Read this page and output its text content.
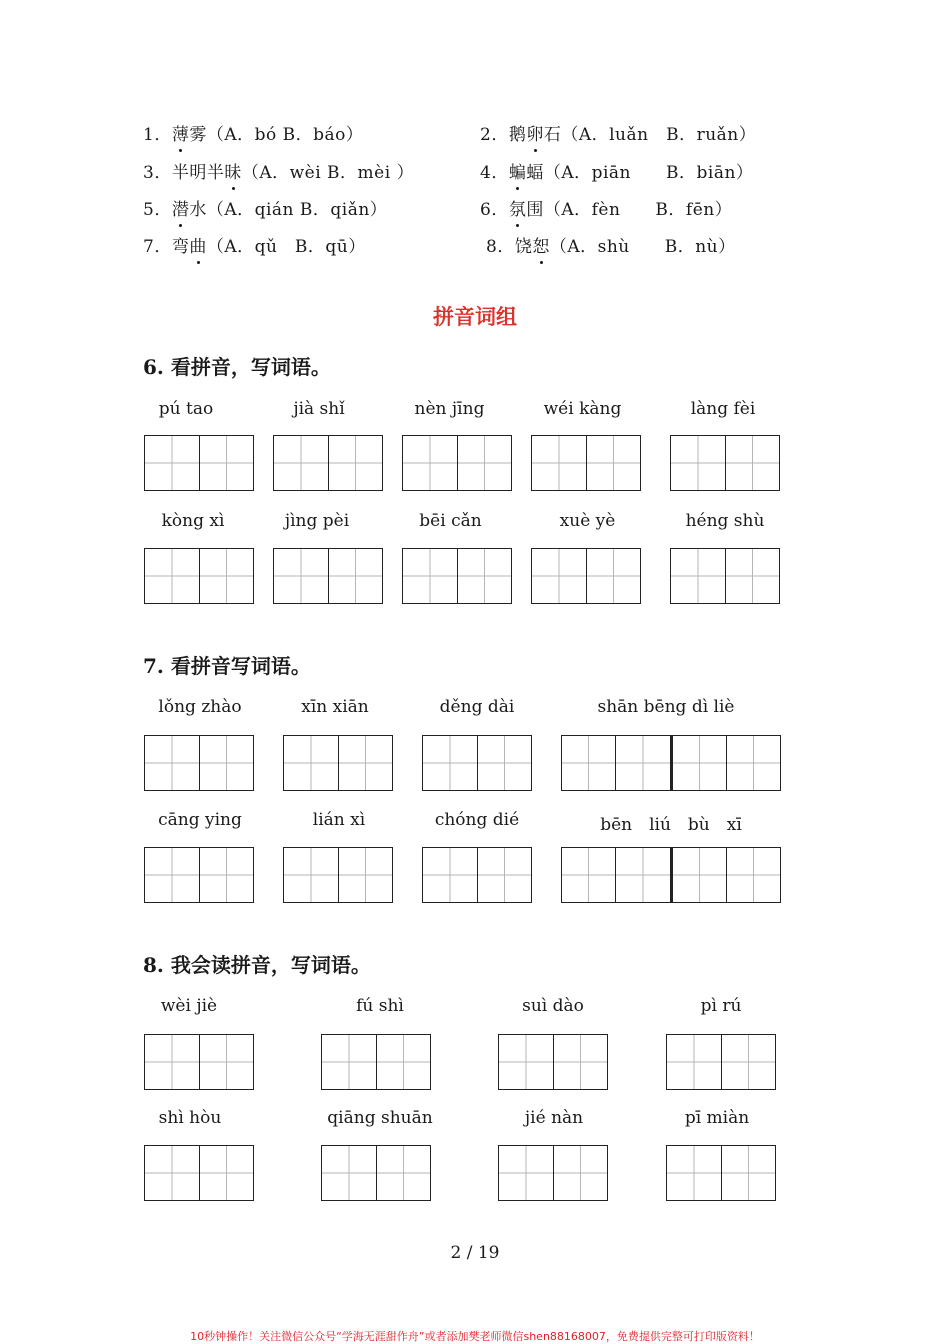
1．薄雾（A．bó B．báo）	2．鹅卵石（A．luǎn　B．ruǎn）
3．半明半昧（A．wèi B．mèi ）	4．蝙蝠（A．piān　　B．biān）
5．潜水（A．qián B．qiǎn）	6．氛围（A．fèn　　B．fēn）
7．弯曲（A．qǔ　B．qū）	8．饶恕（A．shù　　B．nù）
拼音词组
6. 看拼音，写词语。
pú tao	jià shǐ	nèn jīng	wéi kàng	làng fèi
kòng xì	jìng pèi	bēi cǎn	xuè yè	héng shù
7. 看拼音写词语。
lǒng zhào	xīn xiān	děng dài	shān bēng dì liè
cāng ying	lián xì	chóng dié	bēn　liú　bù　xī
8. 我会读拼音，写词语。
wèi jiè	fú shì	suì dào	pì rú
shì hòu	qiāng shuān	jié nàn	pī miàn
2 / 19
10秒钟操作！关注微信公众号“学海无涯甜作舟”或者添加樊老师微信shen88168007，免费提供完整可打印版资料！
